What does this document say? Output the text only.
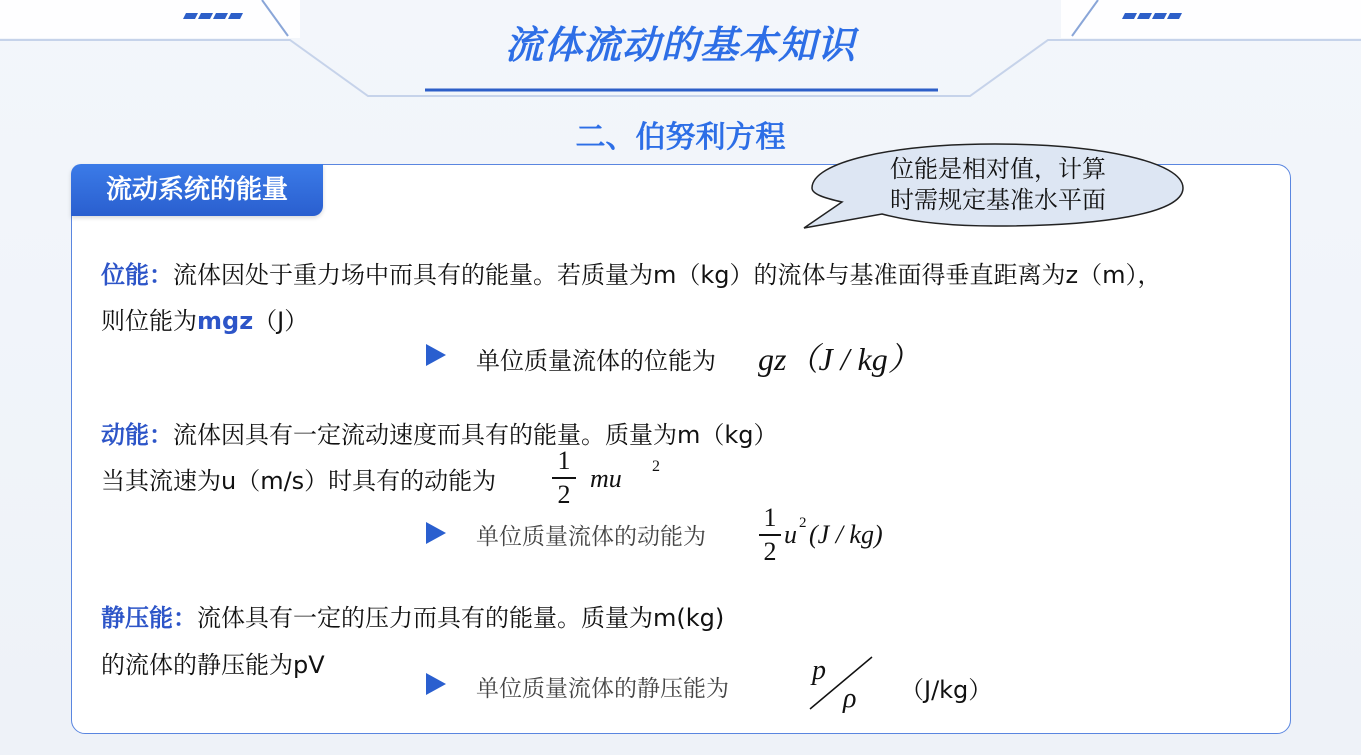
流体流动的基本知识
二、伯努利方程
流动系统的能量
位能是相对值，计算
时需规定基准水平面
位能：流体因处于重力场中而具有的能量。若质量为m（kg）的流体与基准面得垂直距离为z（m），
则位能为mgz（J）
单位质量流体的位能为 gz（J / kg）
动能：流体因具有一定流动速度而具有的能量。质量为m（kg）
当其流速为u（m/s）时具有的动能为
1
2
mu 2
单位质量流体的动能为
1
2
u 2 (J / kg)
静压能：流体具有一定的压力而具有的能量。质量为m(kg)
的流体的静压能为pV
单位质量流体的静压能为
p
ρ （J/kg）
